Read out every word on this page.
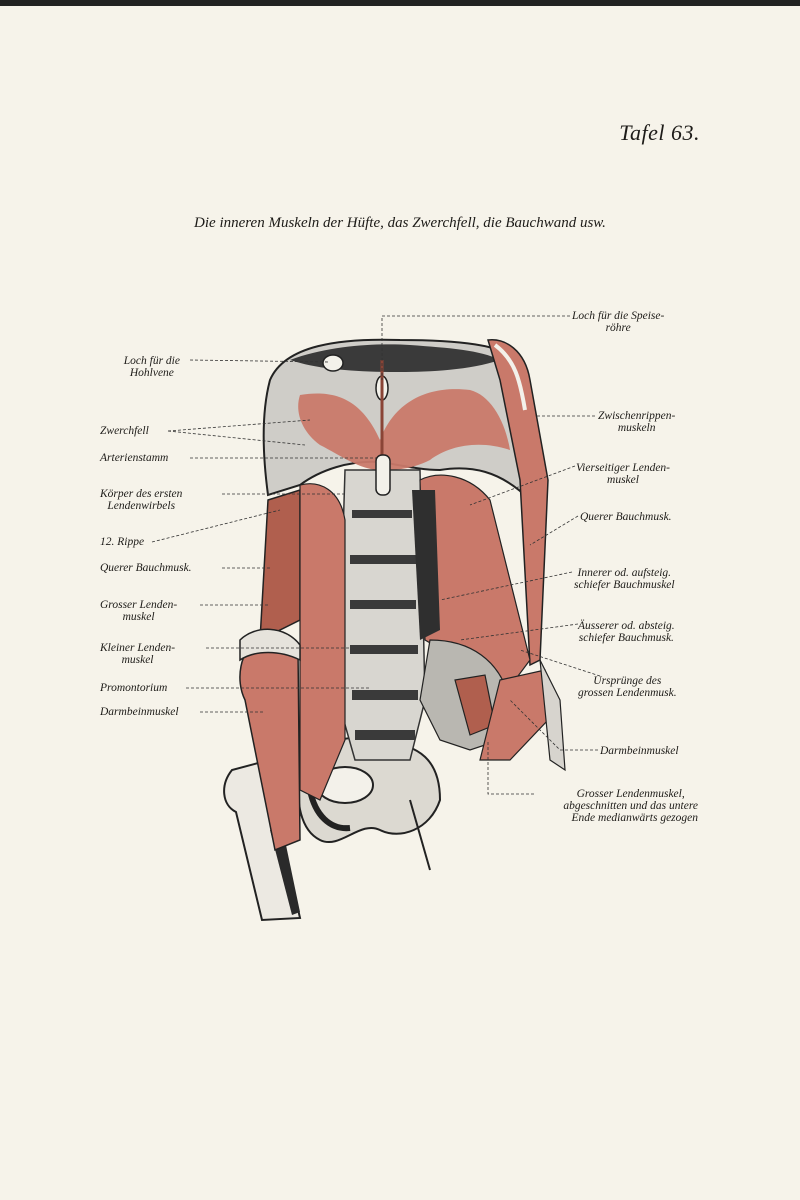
Tafel 63.
Die inneren Muskeln der Hüfte, das Zwerchfell, die Bauchwand usw.
Loch für die
Hohlvene
Zwerchfell
Arterienstamm
Körper des ersten
Lendenwirbels
12. Rippe
Querer Bauchmusk.
Grosser Lenden-
muskel
Kleiner Lenden-
muskel
Promontorium
Darmbeinmuskel
Loch für die Speise-
röhre
Zwischenrippen-
muskeln
Vierseitiger Lenden-
muskel
Querer Bauchmusk.
Innerer od. aufsteig.
schiefer Bauchmuskel
Äusserer od. absteig.
schiefer Bauchmusk.
Ursprünge des
grossen Lendenmusk.
Darmbeinmuskel
Grosser Lendenmuskel,
abgeschnitten und das untere
Ende medianwärts gezogen
